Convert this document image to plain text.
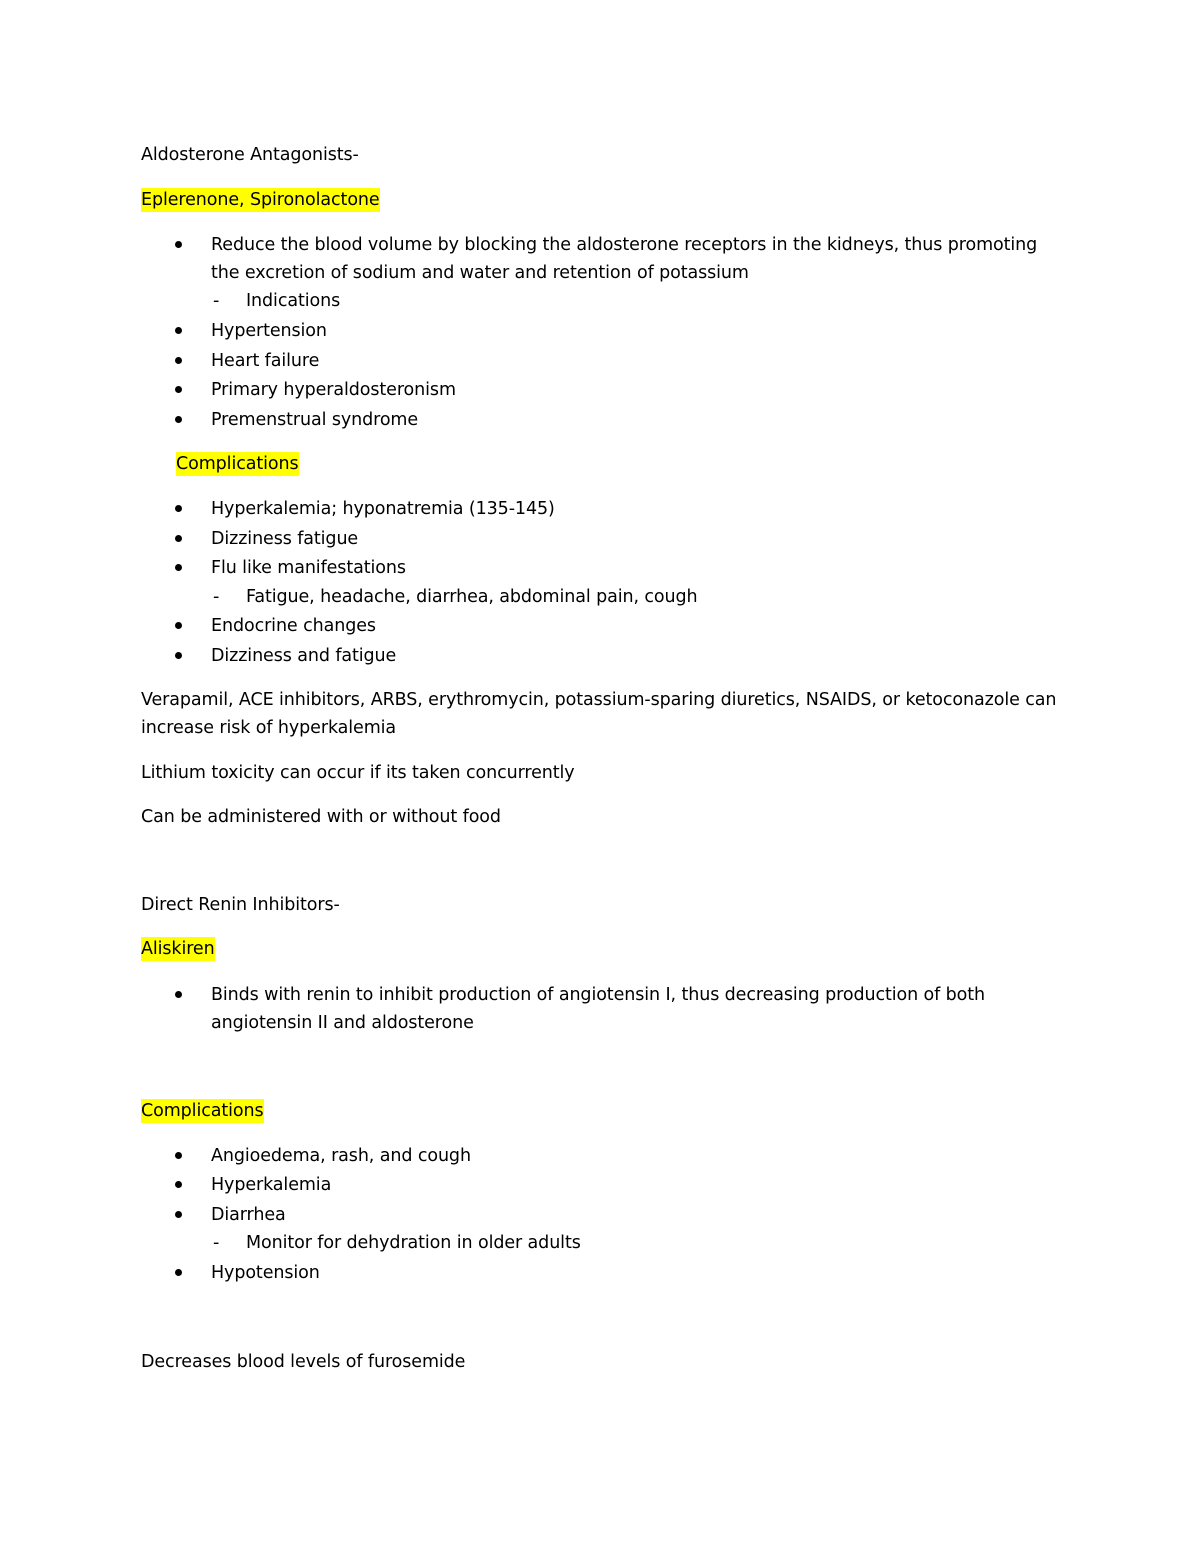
Aldosterone Antagonists-

Eplerenone, Spironolactone

Reduce the blood volume by blocking the aldosterone receptors in the kidneys, thus promoting

the excretion of sodium and water and retention of potassium

- Indications

Hypertension

Heart failure

Primary hyperaldosteronism

Premenstrual syndrome

Complications

Hyperkalemia; hyponatremia (135-145)

Dizziness fatigue

Flu like manifestations

- Fatigue, headache, diarrhea, abdominal pain, cough

Endocrine changes

Dizziness and fatigue

Verapamil, ACE inhibitors, ARBS, erythromycin, potassium-sparing diuretics, NSAIDS, or ketoconazole can

increase risk of hyperkalemia

Lithium toxicity can occur if its taken concurrently

Can be administered with or without food

Direct Renin Inhibitors-

Aliskiren

Binds with renin to inhibit production of angiotensin I, thus decreasing production of both

angiotensin II and aldosterone

Complications

Angioedema, rash, and cough

Hyperkalemia

Diarrhea

- Monitor for dehydration in older adults

Hypotension

Decreases blood levels of furosemide
